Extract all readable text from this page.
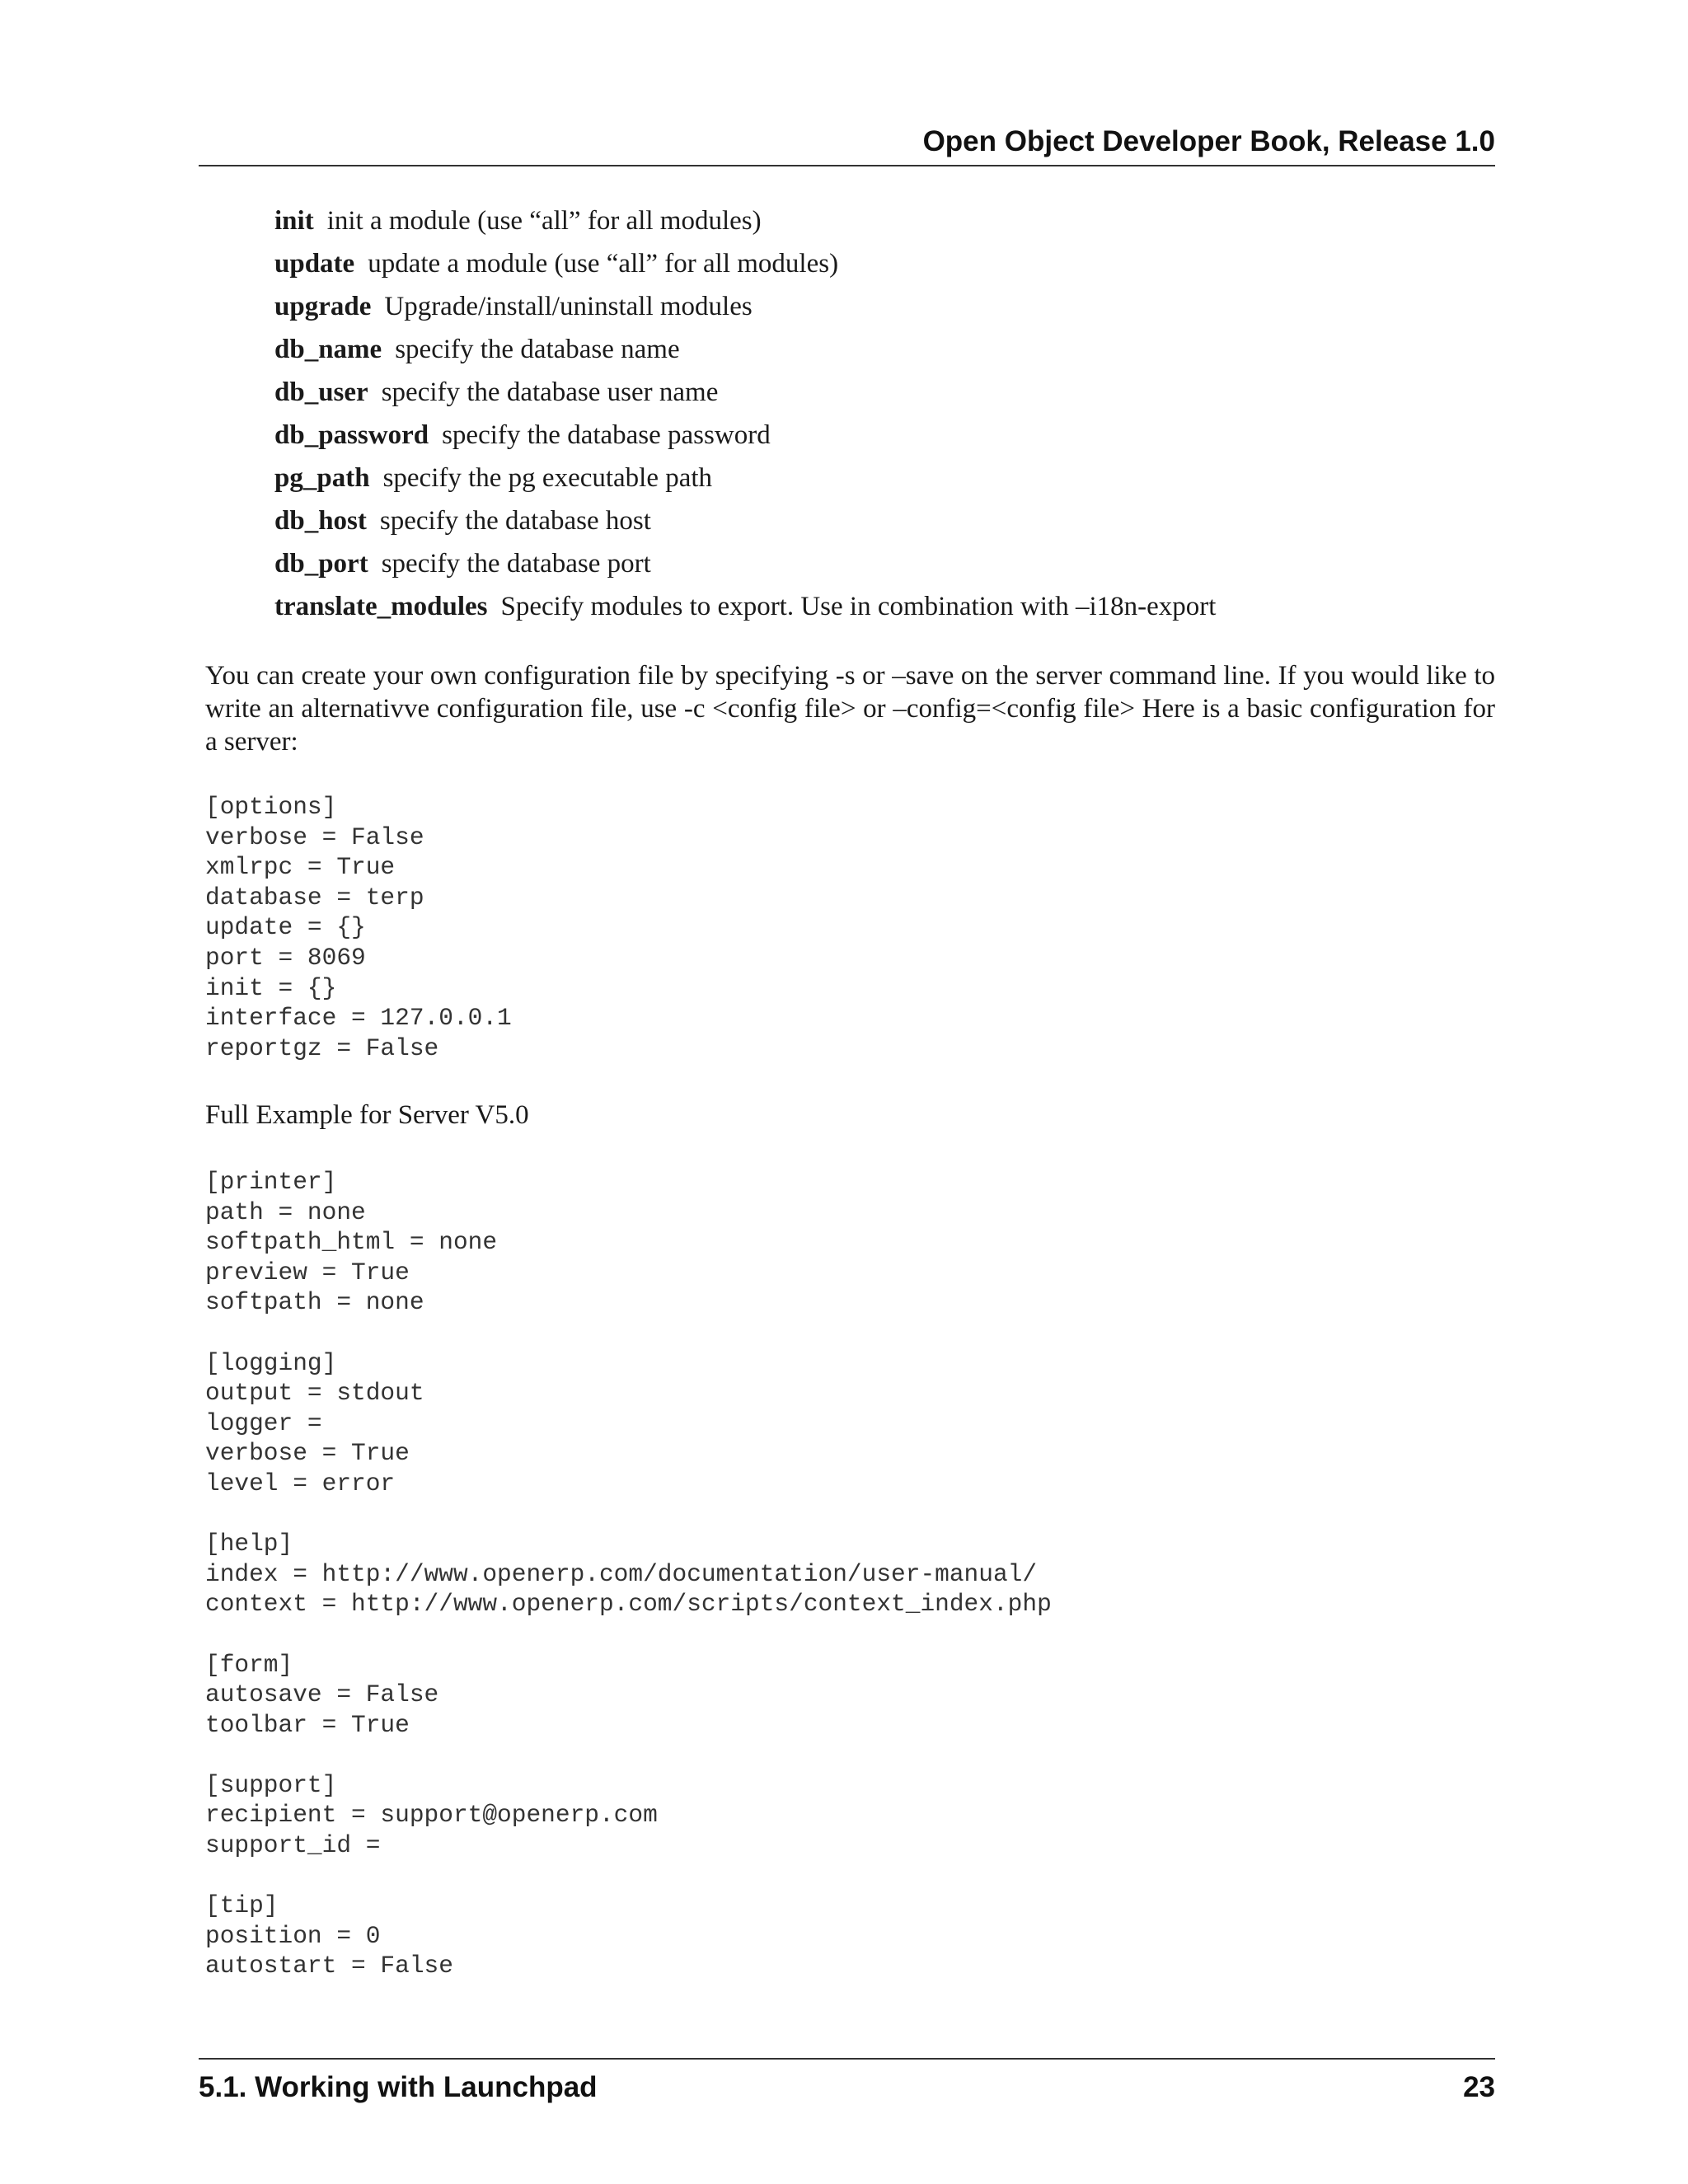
Open Object Developer Book, Release 1.0
init init a module (use “all” for all modules)
update update a module (use “all” for all modules)
upgrade Upgrade/install/uninstall modules
db_name specify the database name
db_user specify the database user name
db_password specify the database password
pg_path specify the pg executable path
db_host specify the database host
db_port specify the database port
translate_modules Specify modules to export. Use in combination with –i18n-export

You can create your own configuration file by specifying -s or –save on the server command line. If you would like to write an alternativve configuration file, use -c <config file> or –config=<config file> Here is a basic configuration for a server:

[options]
verbose = False
xmlrpc = True
database = terp
update = {}
port = 8069
init = {}
interface = 127.0.0.1
reportgz = False

Full Example for Server V5.0

[printer]
path = none
softpath_html = none
preview = True
softpath = none

[logging]
output = stdout
logger =
verbose = True
level = error

[help]
index = http://www.openerp.com/documentation/user-manual/
context = http://www.openerp.com/scripts/context_index.php

[form]
autosave = False
toolbar = True

[support]
recipient = support@openerp.com
support_id =

[tip]
position = 0
autostart = False
5.1. Working with Launchpad	23
